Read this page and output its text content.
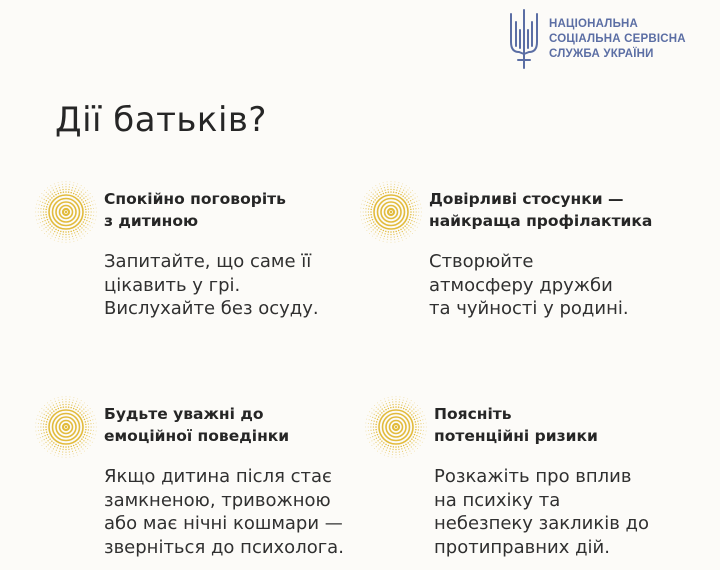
НАЦІОНАЛЬНА
СОЦІАЛЬНА СЕРВІСНА
СЛУЖБА УКРАЇНИ
Дії батьків?

Спокійно поговоріть
з дитиною

Запитайте, що саме її
цікавить у грі.
Вислухайте без осуду.

Довірливі стосунки —
найкраща профілактика

Створюйте
атмосферу дружби
та чуйності у родині.

Будьте уважні до
емоційної поведінки

Якщо дитина після стає
замкненою, тривожною
або має нічні кошмари —
зверніться до психолога.

Поясніть
потенційні ризики

Розкажіть про вплив
на психіку та
небезпеку закликів до
протиправних дій.
